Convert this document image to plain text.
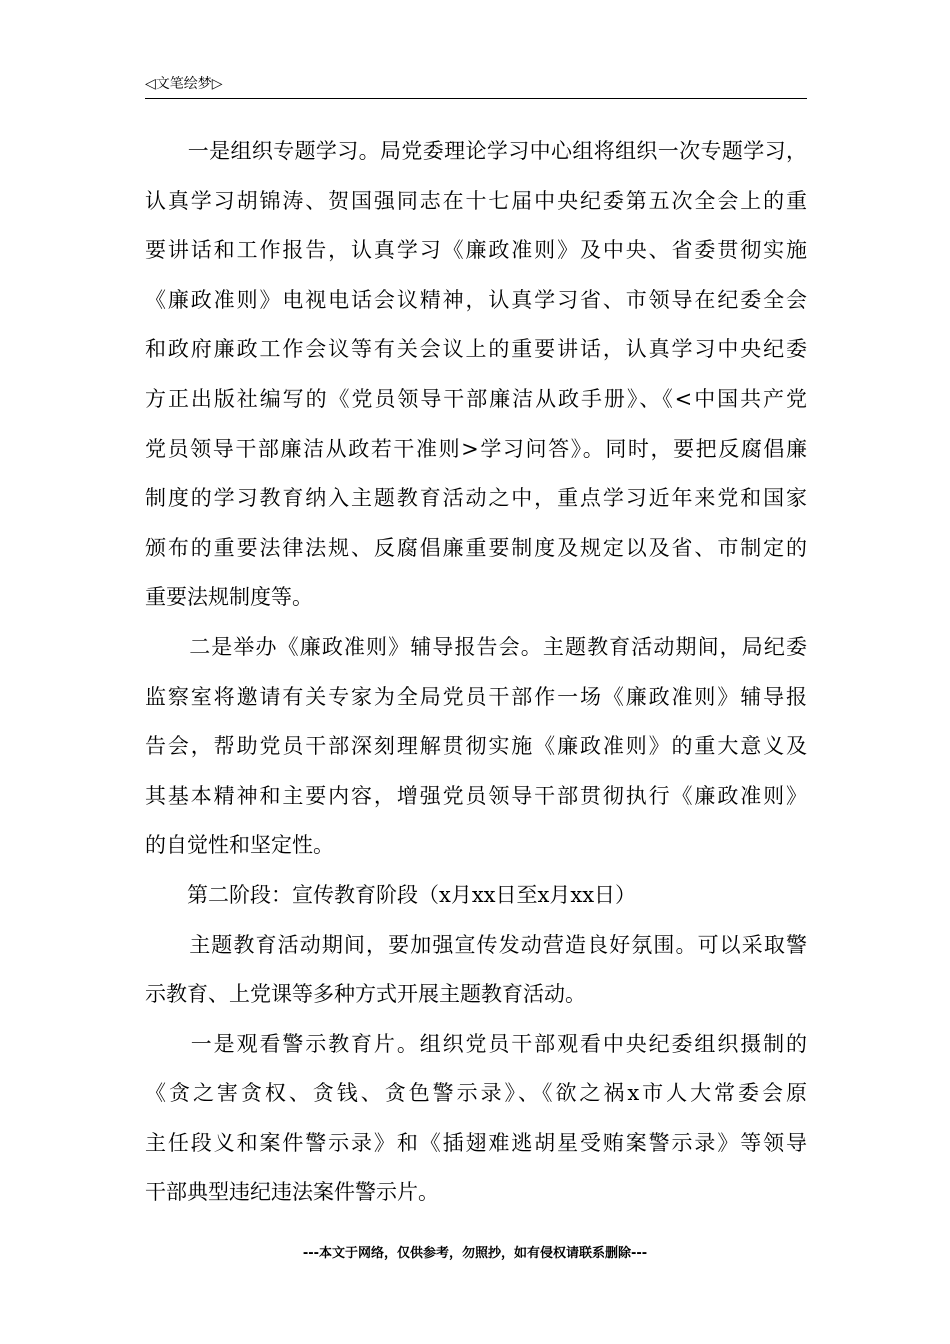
◁文笔绘梦▷
　　一是组织专题学习。局党委理论学习中心组将组织一次专题学习，
认真学习胡锦涛、贺国强同志在十七届中央纪委第五次全会上的重
要讲话和工作报告，认真学习《廉政准则》及中央、省委贯彻实施
《廉政准则》电视电话会议精神，认真学习省、市领导在纪委全会
和政府廉政工作会议等有关会议上的重要讲话，认真学习中央纪委
方正出版社编写的《党员领导干部廉洁从政手册》、《<中国共产党
党员领导干部廉洁从政若干准则>学习问答》。同时，要把反腐倡廉
制度的学习教育纳入主题教育活动之中，重点学习近年来党和国家
颁布的重要法律法规、反腐倡廉重要制度及规定以及省、市制定的
重要法规制度等。
　　二是举办《廉政准则》辅导报告会。主题教育活动期间，局纪委
监察室将邀请有关专家为全局党员干部作一场《廉政准则》辅导报
告会，帮助党员干部深刻理解贯彻实施《廉政准则》的重大意义及
其基本精神和主要内容，增强党员领导干部贯彻执行《廉政准则》
的自觉性和坚定性。
　　第二阶段：宣传教育阶段（x月xx日至x月xx日）
　　主题教育活动期间，要加强宣传发动营造良好氛围。可以采取警
示教育、上党课等多种方式开展主题教育活动。
　　一是观看警示教育片。组织党员干部观看中央纪委组织摄制的
《贪之害贪权、贪钱、贪色警示录》、《欲之祸x市人大常委会原
主任段义和案件警示录》和《插翅难逃胡星受贿案警示录》等领导
干部典型违纪违法案件警示片。
---本文于网络，仅供参考，勿照抄，如有侵权请联系删除---
